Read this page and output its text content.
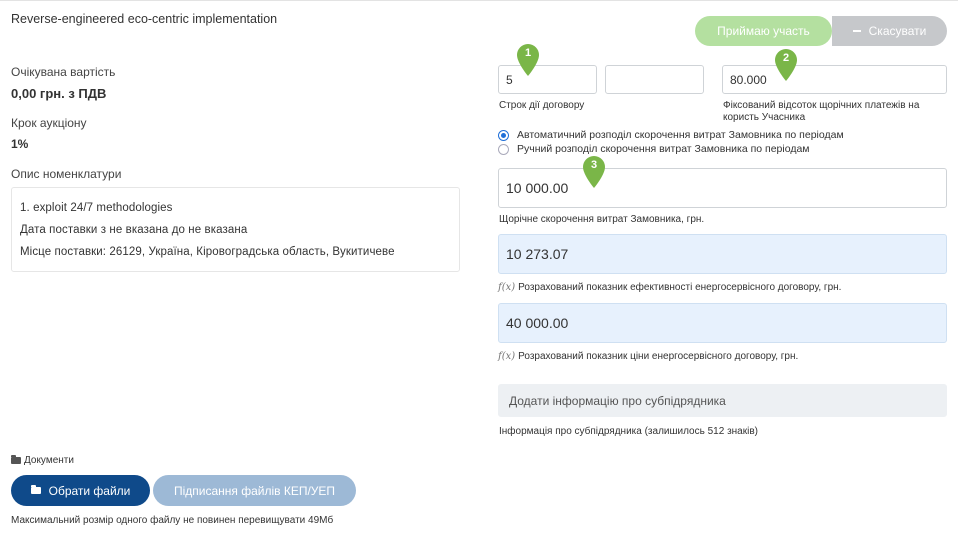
Reverse-engineered eco-centric implementation
Очікувана вартість
0,00 грн. з ПДВ
Крок аукціону
1%
Опис номенклатури
1. exploit 24/7 methodologies
Дата поставки з не вказана до не вказана
Місце поставки: 26129, Україна, Кіровоградська область, Вукитичеве
Приймаю участь	Скасувати
5	80.000
Строк дії договору	Фіксований відсоток щорічних платежів на користь Учасника
Автоматичний розподіл скорочення витрат Замовника по періодам
Ручний розподіл скорочення витрат Замовника по періодам
10 000.00
Щорічне скорочення витрат Замовника, грн.
10 273.07
f(x) Розрахований показник ефективності енергосервісного договору, грн.
40 000.00
f(x) Розрахований показник ціни енергосервісного договору, грн.
Додати інформацію про субпідрядника
Інформація про субпідрядника (залишилось 512 знаків)
1	2
3
Документи
Обрати файли	Підписання файлів КЕП/УЕП
Максимальний розмір одного файлу не повинен перевищувати 49Мб
